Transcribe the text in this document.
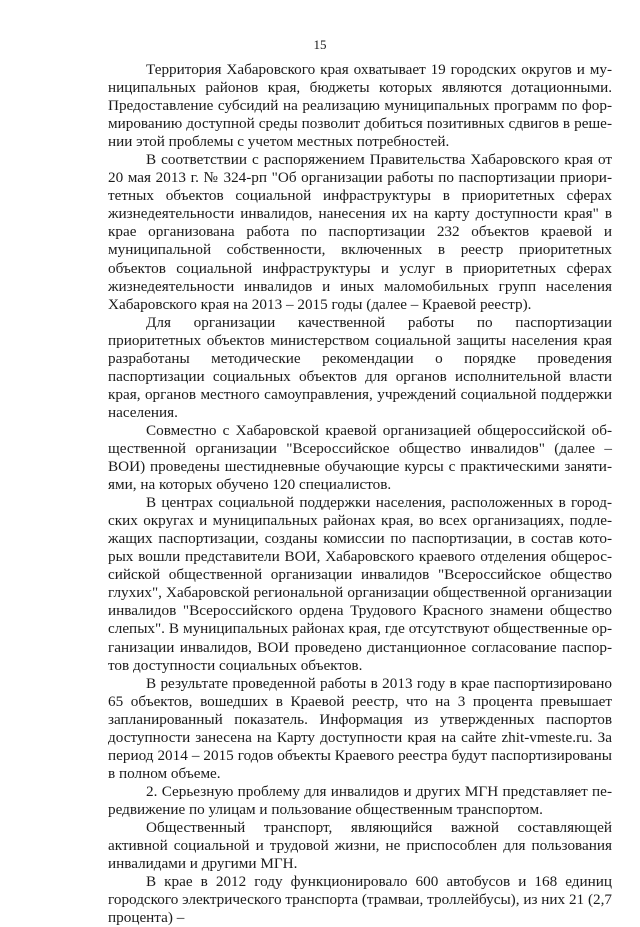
15

Территория Хабаровского края охватывает 19 городских округов и муниципальных районов края, бюджеты которых являются дотационными. Предоставление субсидий на реализацию муниципальных программ по формированию доступной среды позволит добиться позитивных сдвигов в решении этой проблемы с учетом местных потребностей.

В соответствии с распоряжением Правительства Хабаровского края от 20 мая 2013 г. № 324-рп "Об организации работы по паспортизации приоритетных объектов социальной инфраструктуры в приоритетных сферах жизнедеятельности инвалидов, нанесения их на карту доступности края" в крае организована работа по паспортизации 232 объектов краевой и муниципальной собственности, включенных в реестр приоритетных объектов социальной инфраструктуры и услуг в приоритетных сферах жизнедеятельности инвалидов и иных маломобильных групп населения Хабаровского края на 2013 – 2015 годы (далее – Краевой реестр).

Для организации качественной работы по паспортизации приоритетных объектов министерством социальной защиты населения края разработаны методические рекомендации о порядке проведения паспортизации социальных объектов для органов исполнительной власти края, органов местного самоуправления, учреждений социальной поддержки населения.

Совместно с Хабаровской краевой организацией общероссийской общественной организации "Всероссийское общество инвалидов" (далее – ВОИ) проведены шестидневные обучающие курсы с практическими занятиями, на которых обучено 120 специалистов.

В центрах социальной поддержки населения, расположенных в городских округах и муниципальных районах края, во всех организациях, подлежащих паспортизации, созданы комиссии по паспортизации, в состав которых вошли представители ВОИ, Хабаровского краевого отделения общероссийской общественной организации инвалидов "Всероссийское общество глухих", Хабаровской региональной организации общественной организации инвалидов "Всероссийского ордена Трудового Красного знамени общество слепых". В муниципальных районах края, где отсутствуют общественные организации инвалидов, ВОИ проведено дистанционное согласование паспортов доступности социальных объектов.

В результате проведенной работы в 2013 году в крае паспортизировано 65 объектов, вошедших в Краевой реестр, что на 3 процента превышает запланированный показатель. Информация из утвержденных паспортов доступности занесена на Карту доступности края на сайте zhit-vmeste.ru. За период 2014 – 2015 годов объекты Краевого реестра будут паспортизированы в полном объеме.

2. Серьезную проблему для инвалидов и других МГН представляет передвижение по улицам и пользование общественным транспортом.

Общественный транспорт, являющийся важной составляющей активной социальной и трудовой жизни, не приспособлен для пользования инвалидами и другими МГН.

В крае в 2012 году функционировало 600 автобусов и 168 единиц городского электрического транспорта (трамваи, троллейбусы), из них 21 (2,7 процента) –
